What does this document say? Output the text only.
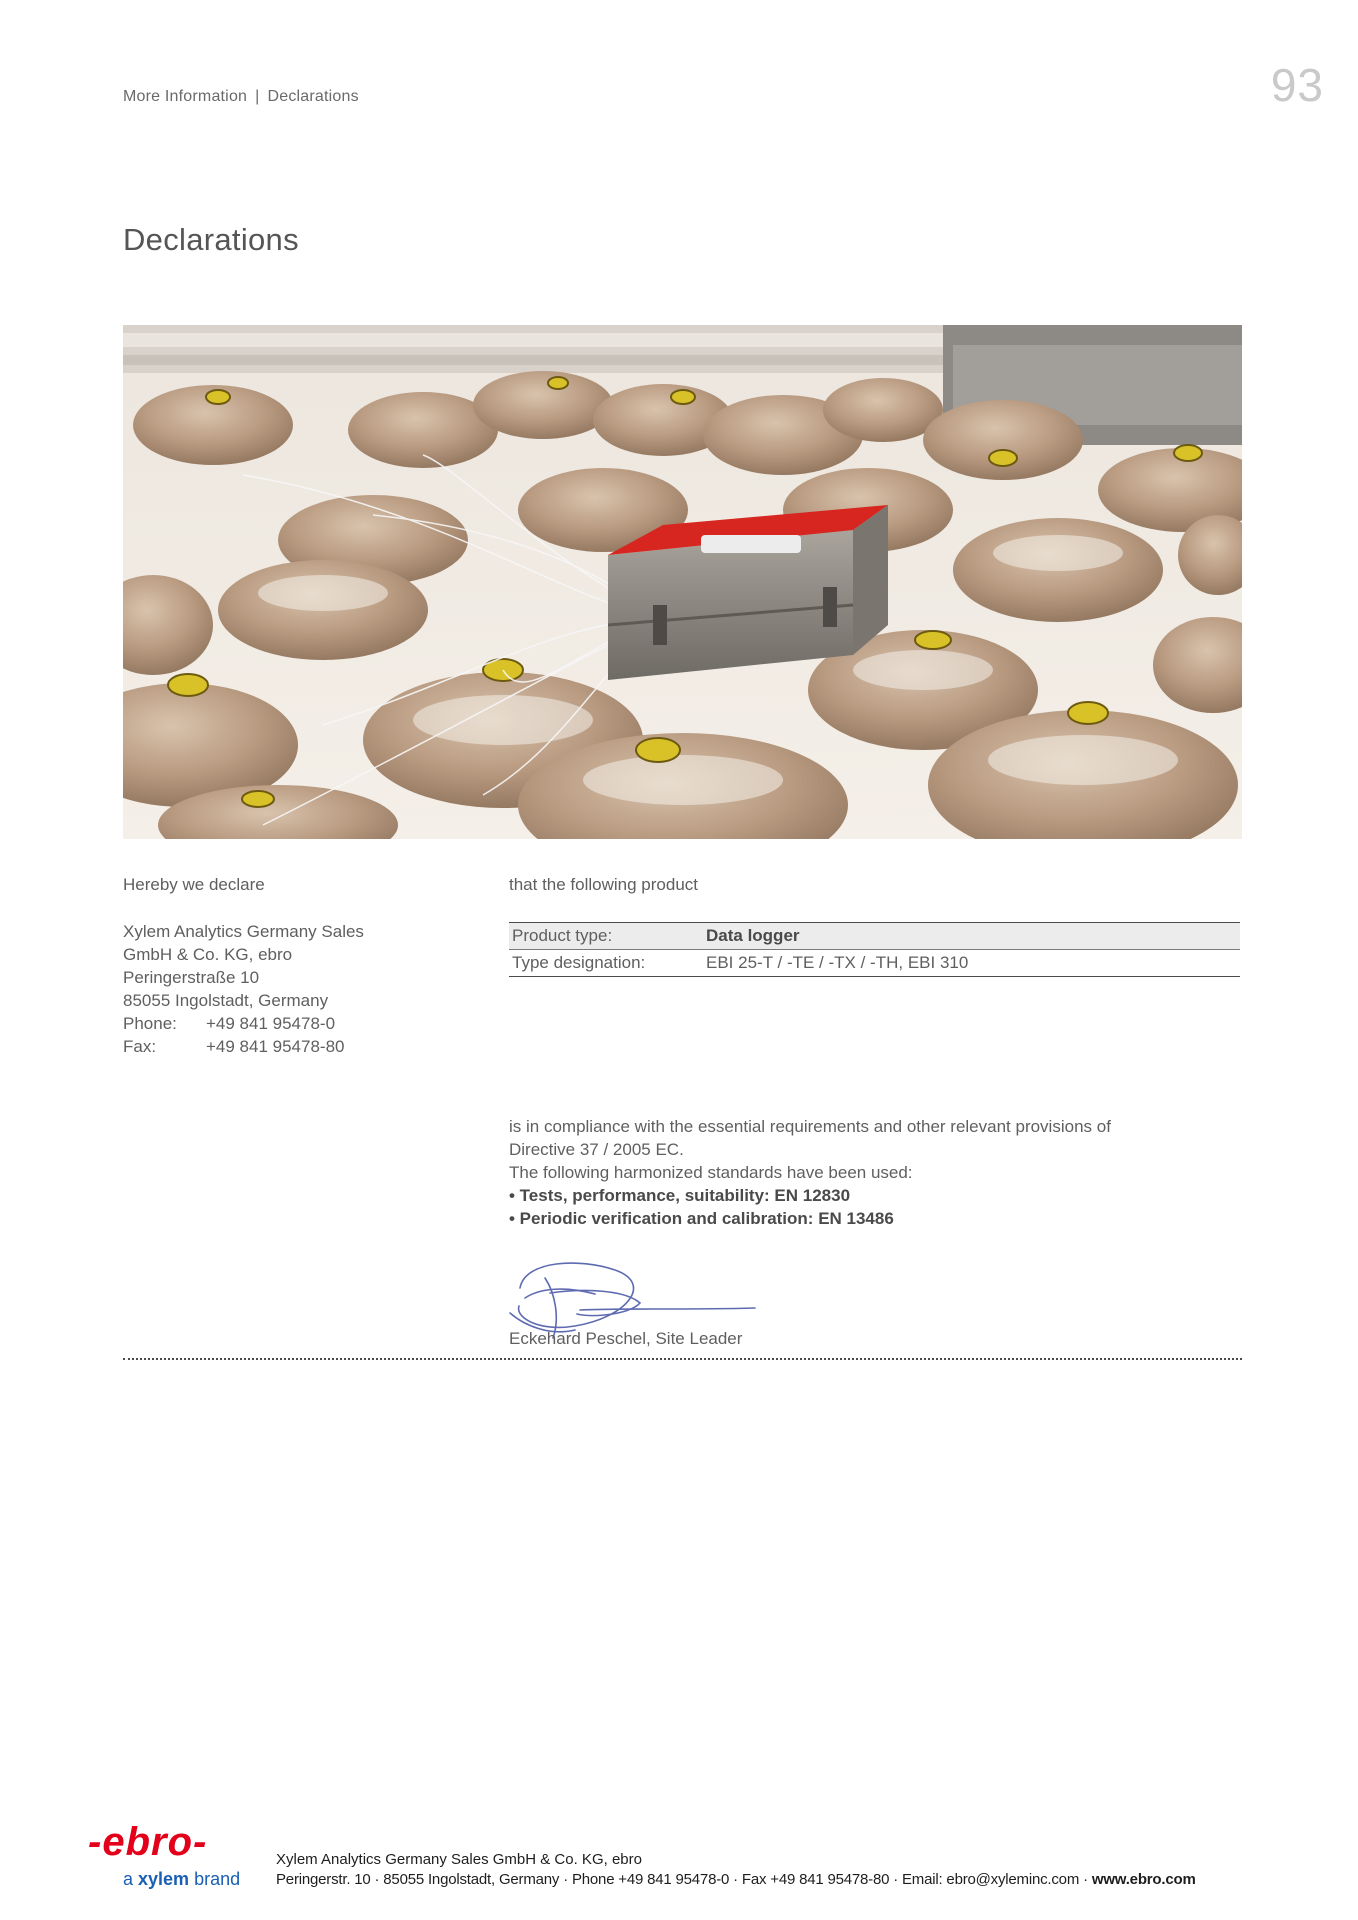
More Information | Declarations	93
Declarations
Hereby we declare
Xylem Analytics Germany Sales
GmbH & Co. KG, ebro
Peringerstraße 10
85055 Ingolstadt, Germany
Phone:	+49 841 95478-0
Fax:	+49 841 95478-80
that the following product
Product type:	Data logger
Type designation:	EBI 25-T / -TE / -TX / -TH, EBI 310
is in compliance with the essential requirements and other relevant provisions of
Directive 37 / 2005 EC.
The following harmonized standards have been used:
• Tests, performance, suitability: EN 12830
• Periodic verification and calibration: EN 13486
Eckehard Peschel, Site Leader
-ebro-
a xylem brand
Xylem Analytics Germany Sales GmbH & Co. KG, ebro
Peringerstr. 10 · 85055 Ingolstadt, Germany · Phone +49 841 95478-0 · Fax +49 841 95478-80 · Email: ebro@xyleminc.com · www.ebro.com
